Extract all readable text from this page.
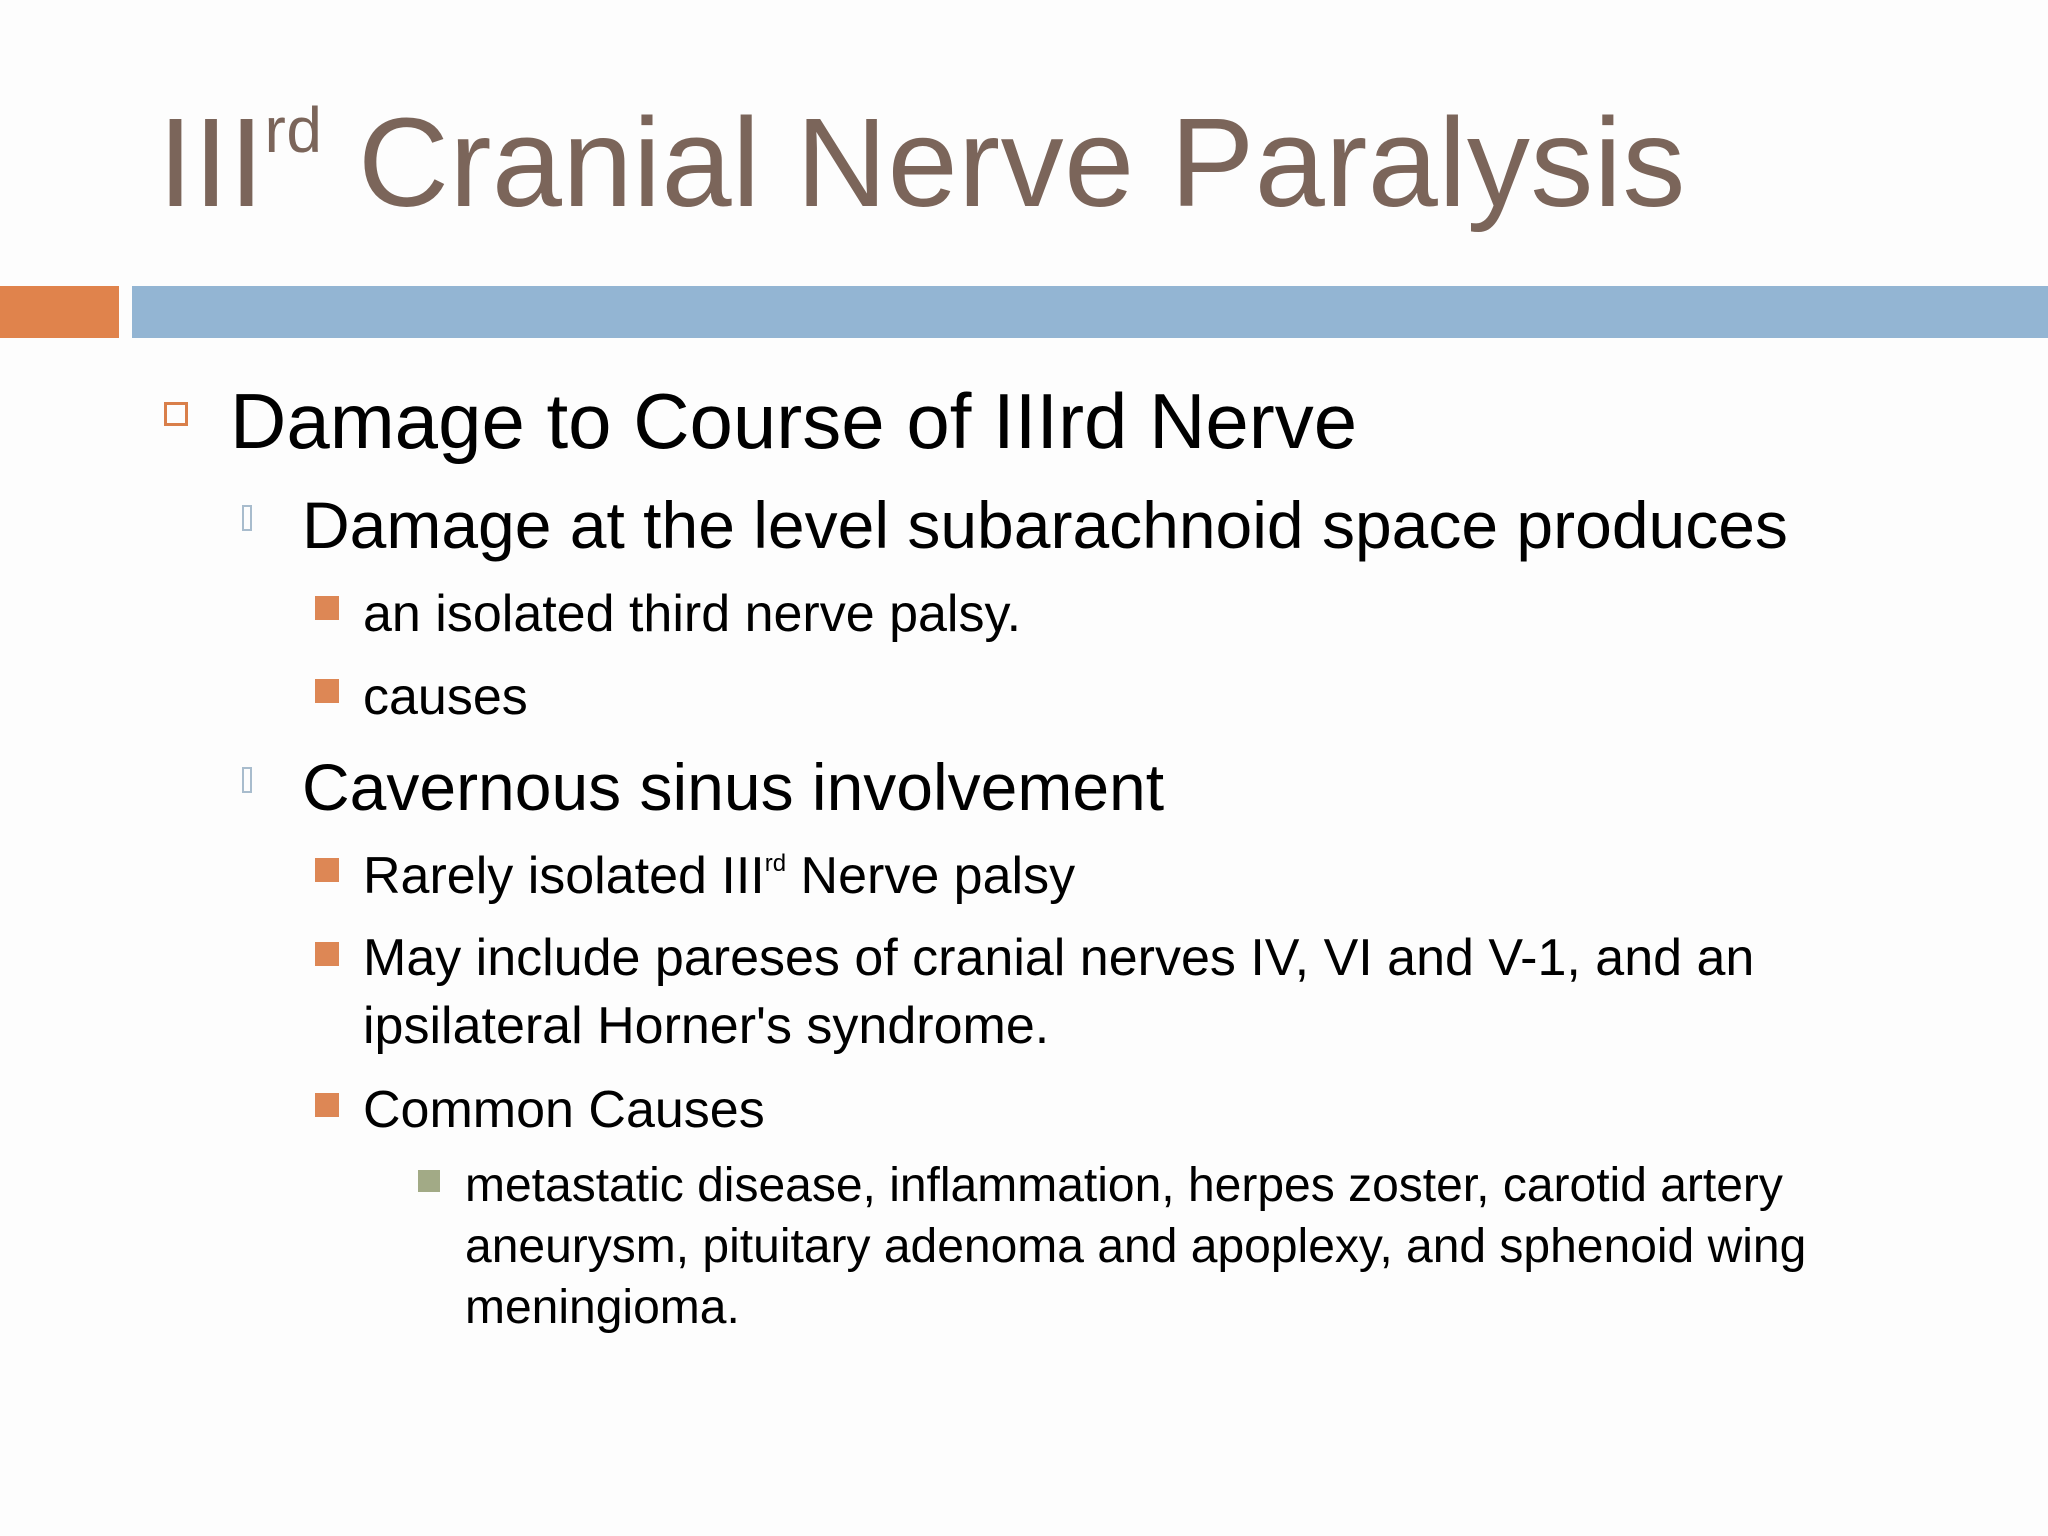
IIIrd Cranial Nerve Paralysis
Damage to Course of IIIrd Nerve
Damage at the level subarachnoid space produces
an isolated third nerve palsy.
causes
Cavernous sinus involvement
Rarely isolated IIIrd Nerve palsy
May include pareses of cranial nerves IV, VI and V-1, and an ipsilateral Horner's syndrome.
Common Causes
metastatic disease, inflammation, herpes zoster, carotid artery aneurysm, pituitary adenoma and apoplexy, and sphenoid wing meningioma.
